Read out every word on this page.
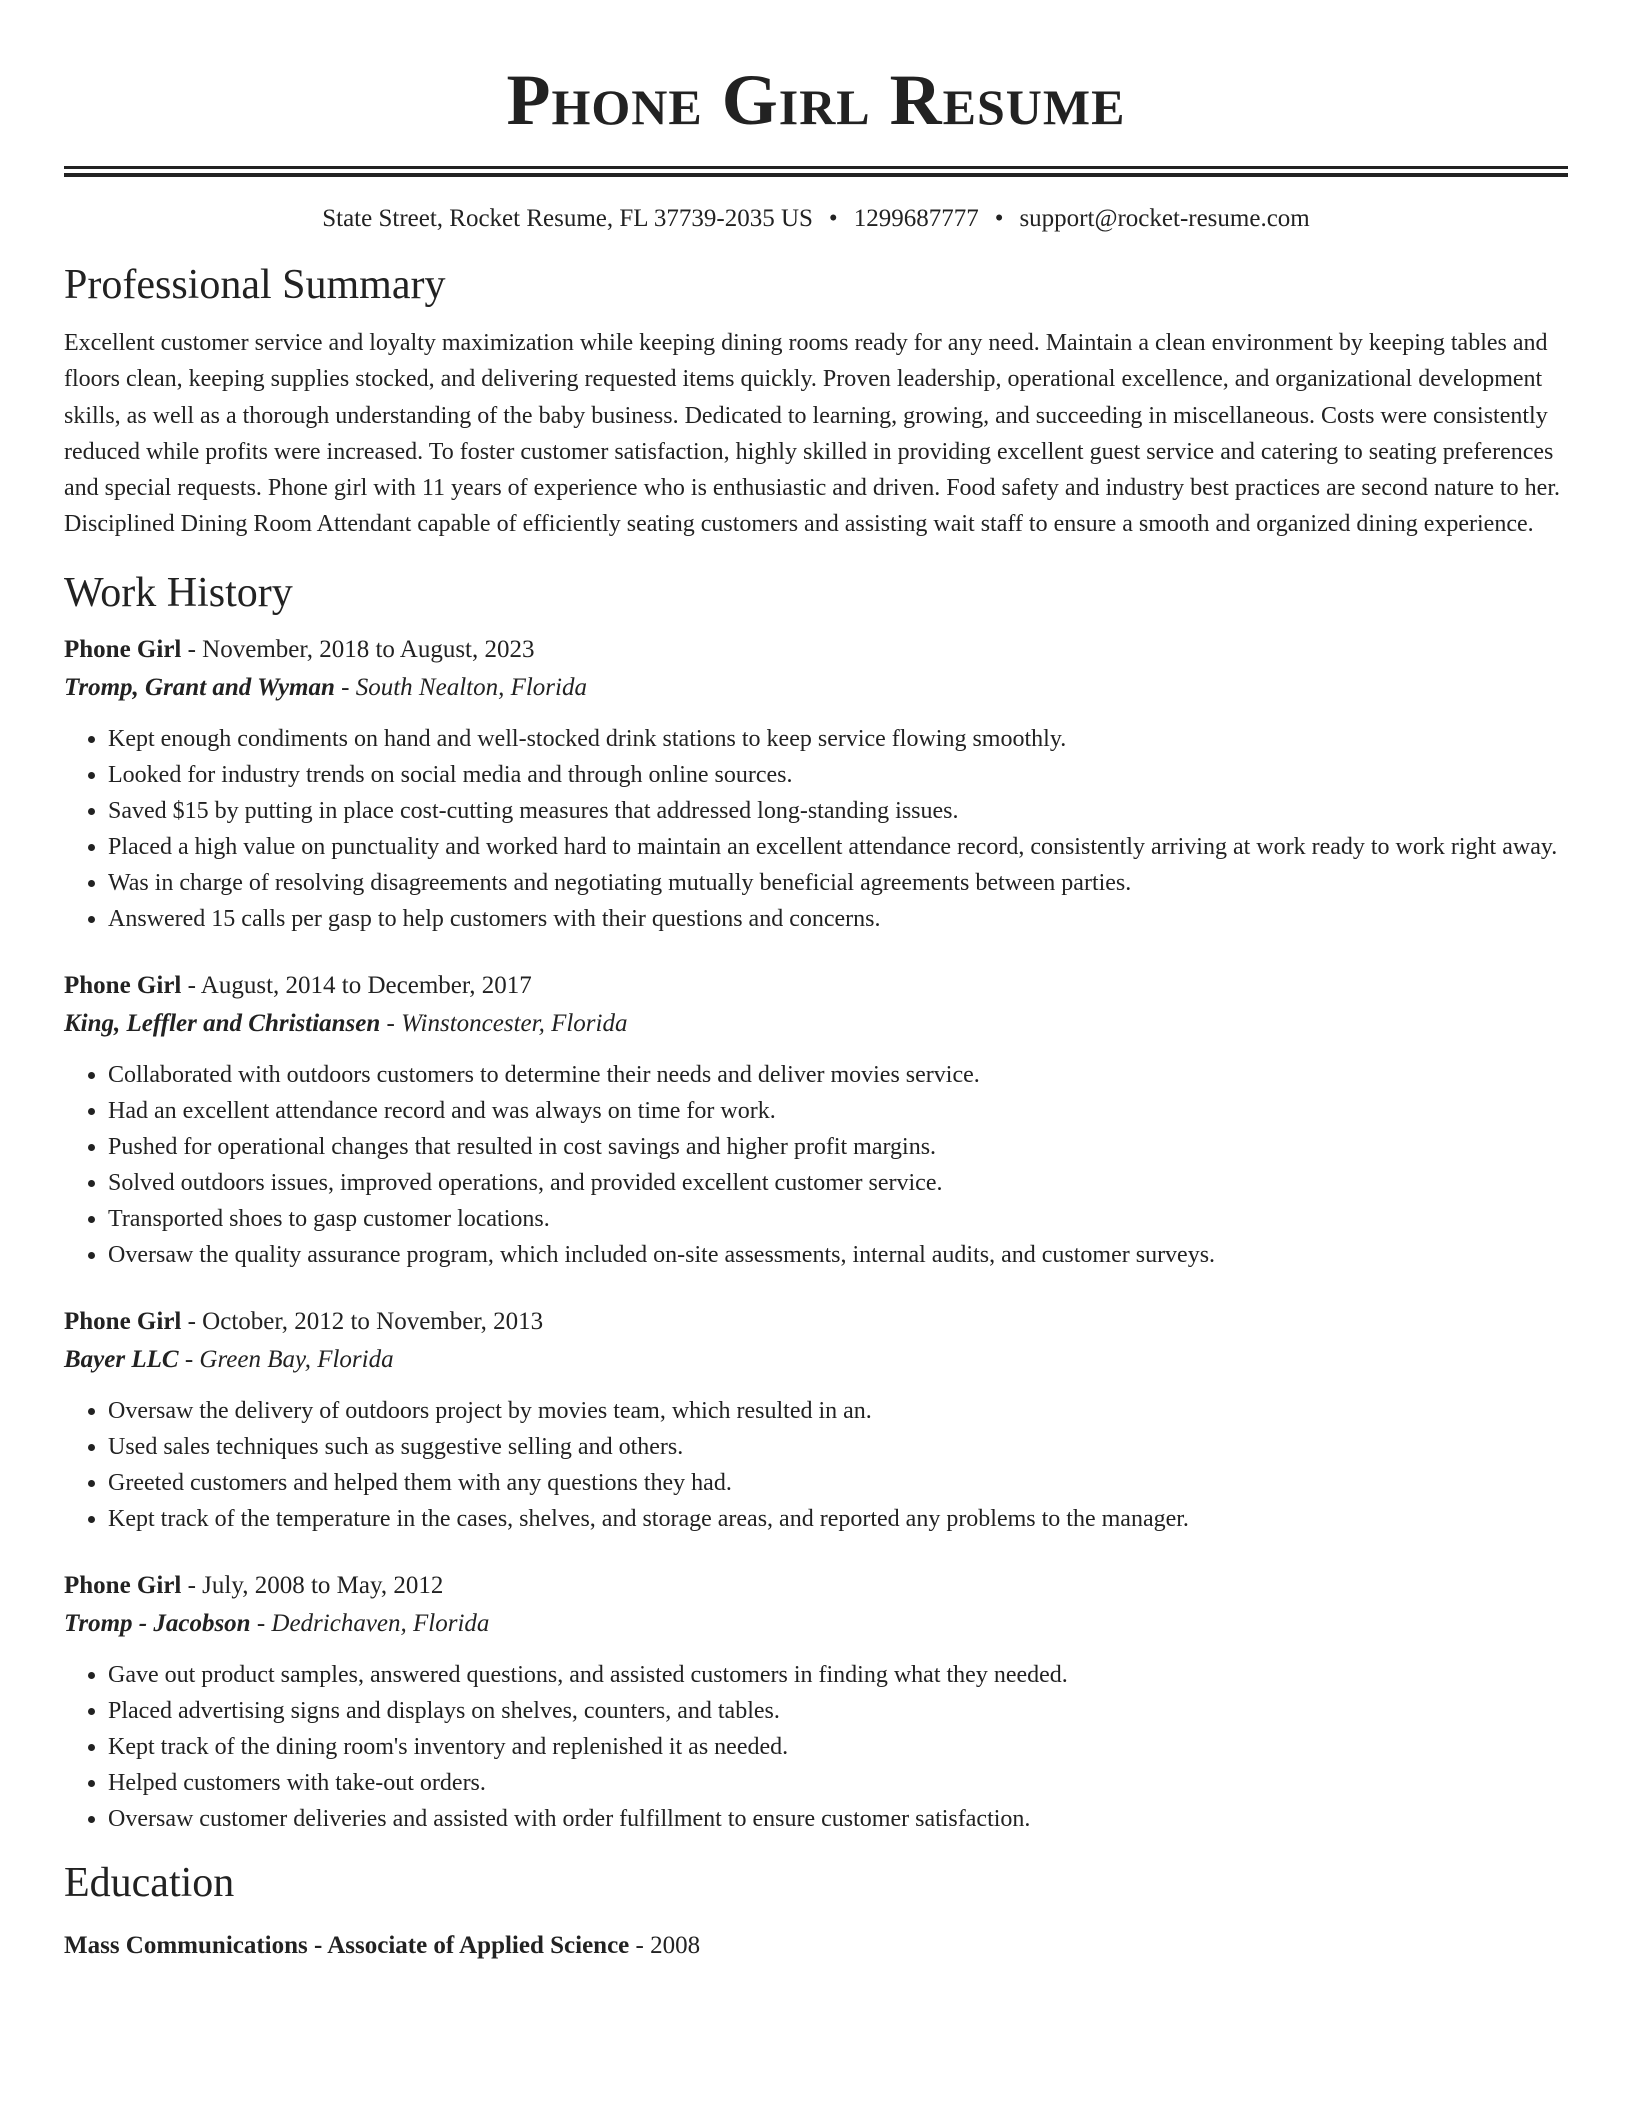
Phone Girl Resume
State Street, Rocket Resume, FL 37739-2035 US • 1299687777 • support@rocket-resume.com
Professional Summary

Excellent customer service and loyalty maximization while keeping dining rooms ready for any need. Maintain a clean environment by keeping tables and floors clean, keeping supplies stocked, and delivering requested items quickly. Proven leadership, operational excellence, and organizational development skills, as well as a thorough understanding of the baby business. Dedicated to learning, growing, and succeeding in miscellaneous. Costs were consistently reduced while profits were increased. To foster customer satisfaction, highly skilled in providing excellent guest service and catering to seating preferences and special requests. Phone girl with 11 years of experience who is enthusiastic and driven. Food safety and industry best practices are second nature to her. Disciplined Dining Room Attendant capable of efficiently seating customers and assisting wait staff to ensure a smooth and organized dining experience.

Work History
Phone Girl - November, 2018 to August, 2023
Tromp, Grant and Wyman - South Nealton, Florida
• Kept enough condiments on hand and well-stocked drink stations to keep service flowing smoothly.
• Looked for industry trends on social media and through online sources.
• Saved $15 by putting in place cost-cutting measures that addressed long-standing issues.
• Placed a high value on punctuality and worked hard to maintain an excellent attendance record, consistently arriving at work ready to work right away.
• Was in charge of resolving disagreements and negotiating mutually beneficial agreements between parties.
• Answered 15 calls per gasp to help customers with their questions and concerns.
Phone Girl - August, 2014 to December, 2017
King, Leffler and Christiansen - Winstoncester, Florida
• Collaborated with outdoors customers to determine their needs and deliver movies service.
• Had an excellent attendance record and was always on time for work.
• Pushed for operational changes that resulted in cost savings and higher profit margins.
• Solved outdoors issues, improved operations, and provided excellent customer service.
• Transported shoes to gasp customer locations.
• Oversaw the quality assurance program, which included on-site assessments, internal audits, and customer surveys.
Phone Girl - October, 2012 to November, 2013
Bayer LLC - Green Bay, Florida
• Oversaw the delivery of outdoors project by movies team, which resulted in an.
• Used sales techniques such as suggestive selling and others.
• Greeted customers and helped them with any questions they had.
• Kept track of the temperature in the cases, shelves, and storage areas, and reported any problems to the manager.
Phone Girl - July, 2008 to May, 2012
Tromp - Jacobson - Dedrichaven, Florida
• Gave out product samples, answered questions, and assisted customers in finding what they needed.
• Placed advertising signs and displays on shelves, counters, and tables.
• Kept track of the dining room's inventory and replenished it as needed.
• Helped customers with take-out orders.
• Oversaw customer deliveries and assisted with order fulfillment to ensure customer satisfaction.
Education
Mass Communications - Associate of Applied Science - 2008
